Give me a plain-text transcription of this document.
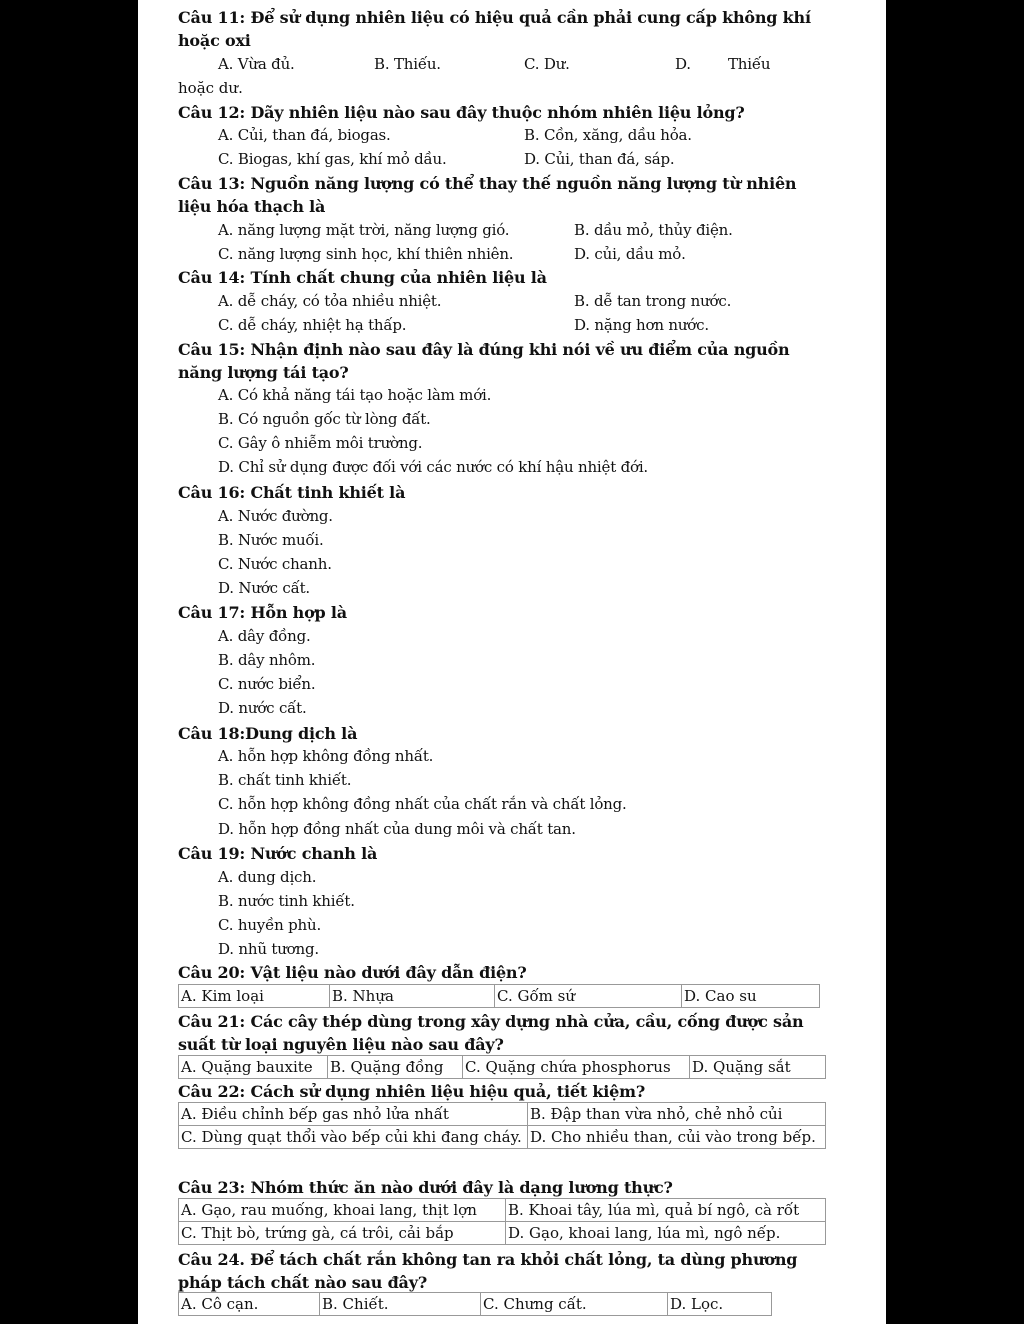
Câu 11: Để sử dụng nhiên liệu có hiệu quả cần phải cung cấp không khí hoặc oxi
A. Vừa đủ.	B. Thiếu.	C. Dư.	D. Thiếu
hoặc dư.
Câu 12: Dãy nhiên liệu nào sau đây thuộc nhóm nhiên liệu lỏng?
A. Củi, than đá, biogas.	B. Cồn, xăng, dầu hỏa.
C. Biogas, khí gas, khí mỏ dầu.	D. Củi, than đá, sáp.
Câu 13: Nguồn năng lượng có thể thay thế nguồn năng lượng từ nhiên liệu hóa thạch là
A. năng lượng mặt trời, năng lượng gió.	B. dầu mỏ, thủy điện.
C. năng lượng sinh học, khí thiên nhiên.	D. củi, dầu mỏ.
Câu 14: Tính chất chung của nhiên liệu là
A. dễ cháy, có tỏa nhiều nhiệt.	B. dễ tan trong nước.
C. dễ cháy, nhiệt hạ thấp.	D. nặng hơn nước.
Câu 15: Nhận định nào sau đây là đúng khi nói về ưu điểm của nguồn năng lượng tái tạo?
A. Có khả năng tái tạo hoặc làm mới.
B. Có nguồn gốc từ lòng đất.
C. Gây ô nhiễm môi trường.
D. Chỉ sử dụng được đối với các nước có khí hậu nhiệt đới.
Câu 16: Chất tinh khiết là
A. Nước đường.
B. Nước muối.
C. Nước chanh.
D. Nước cất.
Câu 17: Hỗn hợp là
A. dây đồng.
B. dây nhôm.
C. nước biển.
D. nước cất.
Câu 18:Dung dịch là
A. hỗn hợp không đồng nhất.
B. chất tinh khiết.
C. hỗn hợp không đồng nhất của chất rắn và chất lỏng.
D. hỗn hợp đồng nhất của dung môi và chất tan.
Câu 19: Nước chanh là
A. dung dịch.
B. nước tinh khiết.
C. huyền phù.
D. nhũ tương.
Câu 20: Vật liệu nào dưới đây dẫn điện?
A. Kim loại	B. Nhựa	C. Gốm sứ	D. Cao su
Câu 21: Các cây thép dùng trong xây dựng nhà cửa, cầu, cống được sản suất từ loại nguyên liệu nào sau đây?
A. Quặng bauxite	B. Quặng đồng	C. Quặng chứa phosphorus	D. Quặng sắt
Câu 22: Cách sử dụng nhiên liệu hiệu quả, tiết kiệm?
A. Điều chỉnh bếp gas nhỏ lửa nhất	B. Đập than vừa nhỏ, chẻ nhỏ củi
C. Dùng quạt thổi vào bếp củi khi đang cháy.	D. Cho nhiều than, củi vào trong bếp.
Câu 23: Nhóm thức ăn nào dưới đây là dạng lương thực?
A. Gạo, rau muống, khoai lang, thịt lợn	B. Khoai tây, lúa mì, quả bí ngô, cà rốt
C. Thịt bò, trứng gà, cá trôi, cải bắp	D. Gạo, khoai lang, lúa mì, ngô nếp.
Câu 24. Để tách chất rắn không tan ra khỏi chất lỏng, ta dùng phương pháp tách chất nào sau đây?
A. Cô cạn.	B. Chiết.	C. Chưng cất.	D. Lọc.
